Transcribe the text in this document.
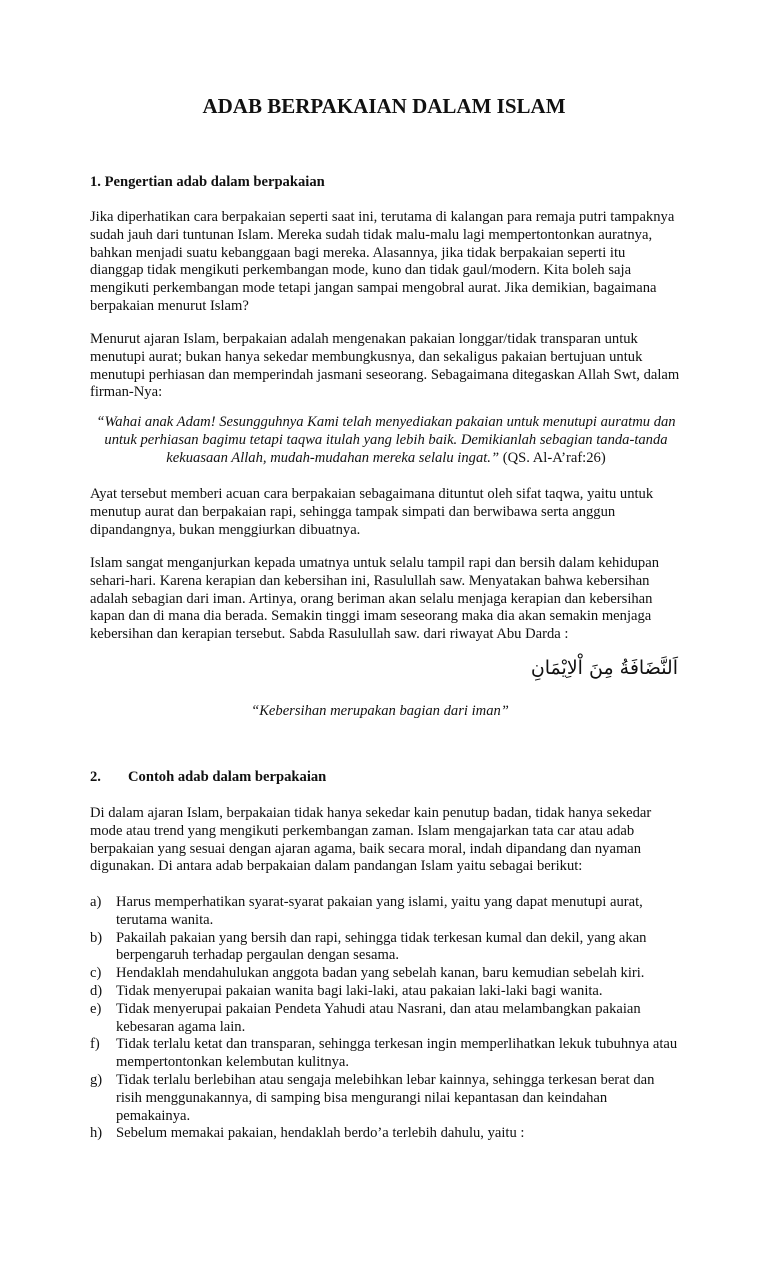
ADAB BERPAKAIAN DALAM ISLAM

1. Pengertian adab dalam berpakaian

Jika diperhatikan cara berpakaian seperti saat ini, terutama di kalangan para remaja putri tampaknya sudah jauh dari tuntunan Islam. Mereka sudah tidak malu-malu lagi mempertontonkan auratnya, bahkan menjadi suatu kebanggaan bagi mereka. Alasannya, jika tidak berpakaian seperti itu dianggap tidak mengikuti perkembangan mode, kuno dan tidak gaul/modern. Kita boleh saja mengikuti perkembangan mode tetapi jangan sampai mengobral aurat. Jika demikian, bagaimana berpakaian menurut Islam?

Menurut ajaran Islam, berpakaian adalah mengenakan pakaian longgar/tidak transparan untuk menutupi aurat; bukan hanya sekedar membungkusnya, dan sekaligus pakaian bertujuan untuk menutupi perhiasan dan memperindah jasmani seseorang. Sebagaimana ditegaskan Allah Swt, dalam firman-Nya:

“Wahai anak Adam! Sesungguhnya Kami telah menyediakan pakaian untuk menutupi auratmu dan untuk perhiasan bagimu tetapi taqwa itulah yang lebih baik. Demikianlah sebagian tanda-tanda kekuasaan Allah, mudah-mudahan mereka selalu ingat.” (QS. Al-A’raf:26)

Ayat tersebut memberi acuan cara berpakaian sebagaimana dituntut oleh sifat taqwa, yaitu untuk menutup aurat dan berpakaian rapi, sehingga tampak simpati dan berwibawa serta anggun dipandangnya, bukan menggiurkan dibuatnya.

Islam sangat menganjurkan kepada umatnya untuk selalu tampil rapi dan bersih dalam kehidupan sehari-hari. Karena kerapian dan kebersihan ini, Rasulullah saw. Menyatakan bahwa kebersihan adalah sebagian dari iman. Artinya, orang beriman akan selalu menjaga kerapian dan kebersihan kapan dan di mana dia berada. Semakin tinggi imam seseorang maka dia akan semakin menjaga kebersihan dan kerapian tersebut. Sabda Rasulullah saw. dari riwayat Abu Darda :

اَلنَّضَافَةُ مِنَ اْلاِيْمَانِ

“Kebersihan merupakan bagian dari iman”

2. Contoh adab dalam berpakaian

Di dalam ajaran Islam, berpakaian tidak hanya sekedar kain penutup badan, tidak hanya sekedar mode atau trend yang mengikuti perkembangan zaman. Islam mengajarkan tata car atau adab berpakaian yang sesuai dengan ajaran agama, baik secara moral, indah dipandang dan nyaman digunakan. Di antara adab berpakaian dalam pandangan Islam yaitu sebagai berikut:

a) Harus memperhatikan syarat-syarat pakaian yang islami, yaitu yang dapat menutupi aurat, terutama wanita.
b) Pakailah pakaian yang bersih dan rapi, sehingga tidak terkesan kumal dan dekil, yang akan berpengaruh terhadap pergaulan dengan sesama.
c) Hendaklah mendahulukan anggota badan yang sebelah kanan, baru kemudian sebelah kiri.
d) Tidak menyerupai pakaian wanita bagi laki-laki, atau pakaian laki-laki bagi wanita.
e) Tidak menyerupai pakaian Pendeta Yahudi atau Nasrani, dan atau melambangkan pakaian kebesaran agama lain.
f) Tidak terlalu ketat dan transparan, sehingga terkesan ingin memperlihatkan lekuk tubuhnya atau mempertontonkan kelembutan kulitnya.
g) Tidak terlalu berlebihan atau sengaja melebihkan lebar kainnya, sehingga terkesan berat dan risih menggunakannya, di samping bisa mengurangi nilai kepantasan dan keindahan pemakainya.
h) Sebelum memakai pakaian, hendaklah berdo’a terlebih dahulu, yaitu :
